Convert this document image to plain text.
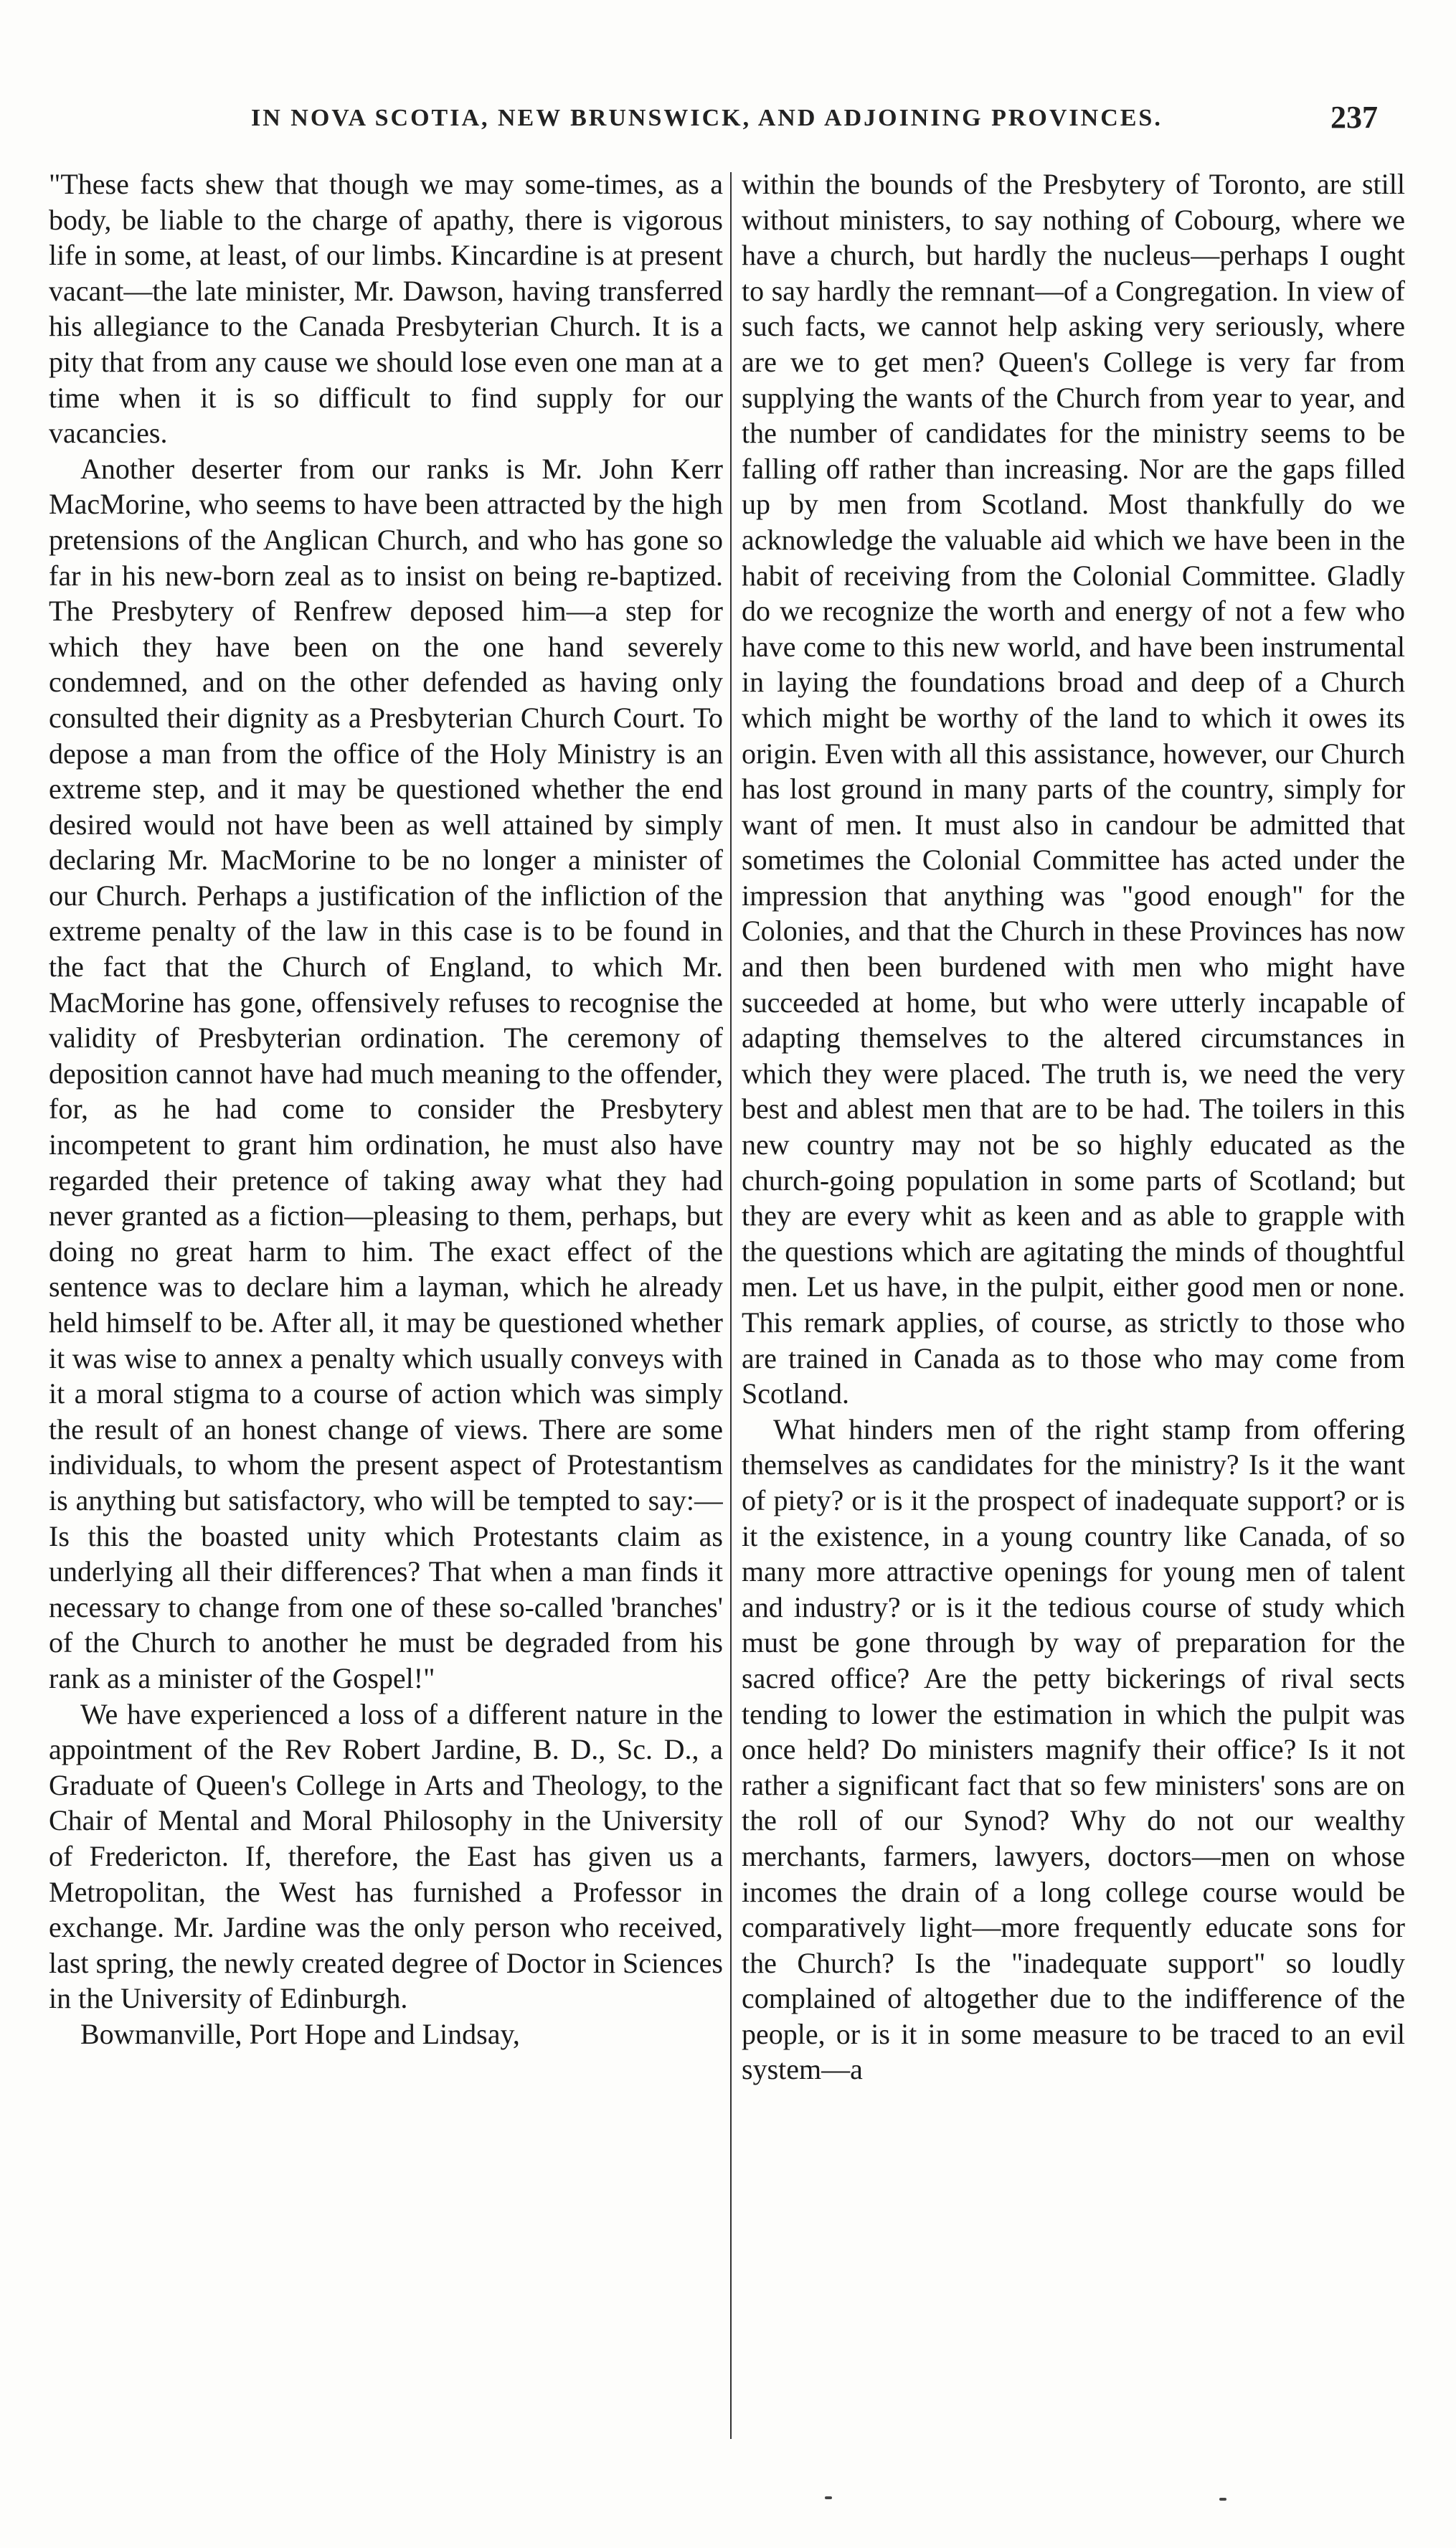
IN NOVA SCOTIA, NEW BRUNSWICK, AND ADJOINING PROVINCES.	237

"These facts shew that though we may some-times, as a body, be liable to the charge of apathy, there is vigorous life in some, at least, of our limbs. Kincardine is at present vacant—the late minister, Mr. Dawson, having transferred his allegiance to the Canada Presbyterian Church. It is a pity that from any cause we should lose even one man at a time when it is so difficult to find supply for our vacancies.

Another deserter from our ranks is Mr. John Kerr MacMorine, who seems to have been attracted by the high pretensions of the Anglican Church, and who has gone so far in his new-born zeal as to insist on being re-baptized. The Presbytery of Renfrew deposed him—a step for which they have been on the one hand severely condemned, and on the other defended as having only consulted their dignity as a Presbyterian Church Court. To depose a man from the office of the Holy Ministry is an extreme step, and it may be questioned whether the end desired would not have been as well attained by simply declaring Mr. MacMorine to be no longer a minister of our Church. Perhaps a justification of the infliction of the extreme penalty of the law in this case is to be found in the fact that the Church of England, to which Mr. MacMorine has gone, offensively refuses to recognise the validity of Presbyterian ordination. The ceremony of deposition cannot have had much meaning to the offender, for, as he had come to consider the Presbytery incompetent to grant him ordination, he must also have regarded their pretence of taking away what they had never granted as a fiction—pleasing to them, perhaps, but doing no great harm to him. The exact effect of the sentence was to declare him a layman, which he already held himself to be. After all, it may be questioned whether it was wise to annex a penalty which usually conveys with it a moral stigma to a course of action which was simply the result of an honest change of views. There are some individuals, to whom the present aspect of Protestantism is anything but satisfactory, who will be tempted to say:—Is this the boasted unity which Protestants claim as underlying all their differences? That when a man finds it necessary to change from one of these so-called 'branches' of the Church to another he must be degraded from his rank as a minister of the Gospel!"

We have experienced a loss of a different nature in the appointment of the Rev Robert Jardine, B. D., Sc. D., a Graduate of Queen's College in Arts and Theology, to the Chair of Mental and Moral Philosophy in the University of Fredericton. If, therefore, the East has given us a Metropolitan, the West has furnished a Professor in exchange. Mr. Jardine was the only person who received, last spring, the newly created degree of Doctor in Sciences in the University of Edinburgh.

Bowmanville, Port Hope and Lindsay,

within the bounds of the Presbytery of Toronto, are still without ministers, to say nothing of Cobourg, where we have a church, but hardly the nucleus—perhaps I ought to say hardly the remnant—of a Congregation. In view of such facts, we cannot help asking very seriously, where are we to get men? Queen's College is very far from supplying the wants of the Church from year to year, and the number of candidates for the ministry seems to be falling off rather than increasing. Nor are the gaps filled up by men from Scotland. Most thankfully do we acknowledge the valuable aid which we have been in the habit of receiving from the Colonial Committee. Gladly do we recognize the worth and energy of not a few who have come to this new world, and have been instrumental in laying the foundations broad and deep of a Church which might be worthy of the land to which it owes its origin. Even with all this assistance, however, our Church has lost ground in many parts of the country, simply for want of men. It must also in candour be admitted that sometimes the Colonial Committee has acted under the impression that anything was "good enough" for the Colonies, and that the Church in these Provinces has now and then been burdened with men who might have succeeded at home, but who were utterly incapable of adapting themselves to the altered circumstances in which they were placed. The truth is, we need the very best and ablest men that are to be had. The toilers in this new country may not be so highly educated as the church-going population in some parts of Scotland; but they are every whit as keen and as able to grapple with the questions which are agitating the minds of thoughtful men. Let us have, in the pulpit, either good men or none. This remark applies, of course, as strictly to those who are trained in Canada as to those who may come from Scotland.

What hinders men of the right stamp from offering themselves as candidates for the ministry? Is it the want of piety? or is it the prospect of inadequate support? or is it the existence, in a young country like Canada, of so many more attractive openings for young men of talent and industry? or is it the tedious course of study which must be gone through by way of preparation for the sacred office? Are the petty bickerings of rival sects tending to lower the estimation in which the pulpit was once held? Do ministers magnify their office? Is it not rather a significant fact that so few ministers' sons are on the roll of our Synod? Why do not our wealthy merchants, farmers, lawyers, doctors—men on whose incomes the drain of a long college course would be comparatively light—more frequently educate sons for the Church? Is the "inadequate support" so loudly complained of altogether due to the indifference of the people, or is it in some measure to be traced to an evil system—a
